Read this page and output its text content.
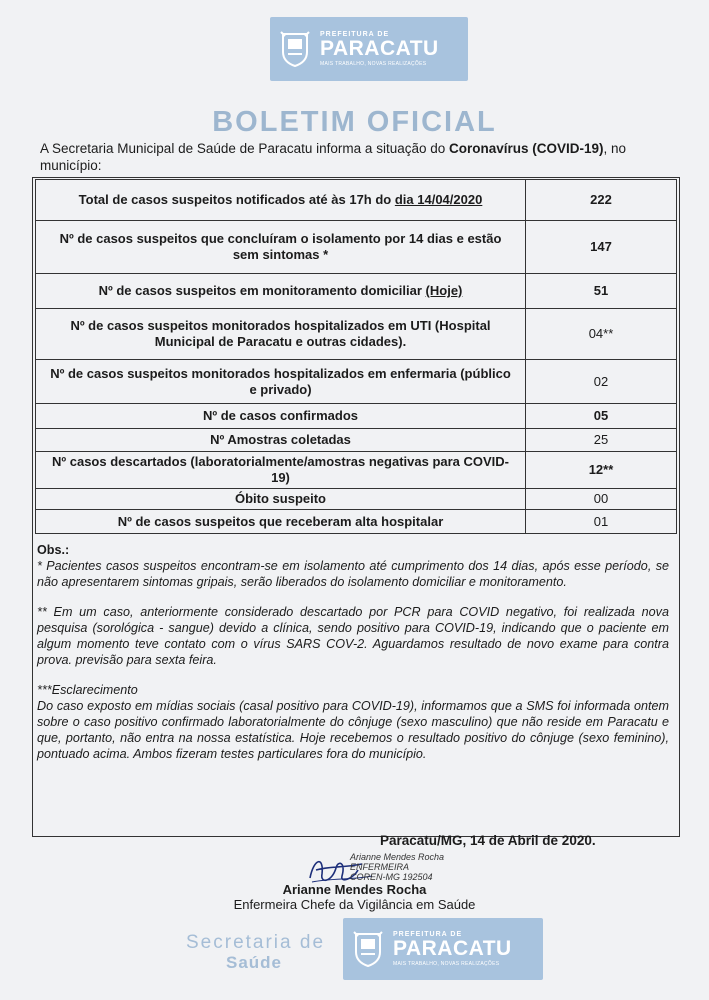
PREFEITURA DE
PARACATU
MAIS TRABALHO, NOVAS REALIZAÇÕES
BOLETIM OFICIAL
A Secretaria Municipal de Saúde de Paracatu informa a situação do Coronavírus (COVID-19), no município:
Total de casos suspeitos notificados até às 17h do dia 14/04/2020	222
Nº de casos suspeitos que concluíram o isolamento por 14 dias e estão sem sintomas *	147
Nº de casos suspeitos em monitoramento domiciliar (Hoje)	51
Nº de casos suspeitos monitorados hospitalizados em UTI (Hospital Municipal de Paracatu e outras cidades).	04**
Nº de casos suspeitos monitorados hospitalizados em enfermaria (público e privado)	02
Nº de casos confirmados	05
Nº Amostras coletadas	25
Nº casos descartados (laboratorialmente/amostras negativas para COVID-19)	12**
Óbito suspeito	00
Nº de casos suspeitos que receberam alta hospitalar	01
Obs.:

* Pacientes casos suspeitos encontram-se em isolamento até cumprimento dos 14 dias, após esse período, se não apresentarem sintomas gripais, serão liberados do isolamento domiciliar e monitoramento.

** Em um caso, anteriormente considerado descartado por PCR para COVID negativo, foi realizada nova pesquisa (sorológica - sangue) devido a clínica, sendo positivo para COVID-19, indicando que o paciente em algum momento teve contato com o vírus SARS COV-2. Aguardamos resultado de novo exame para contra prova. previsão para sexta feira.

***Esclarecimento

Do caso exposto em mídias sociais (casal positivo para COVID-19), informamos que a SMS foi informada ontem sobre o caso positivo confirmado laboratorialmente do cônjuge (sexo masculino) que não reside em Paracatu e que, portanto, não entra na nossa estatística. Hoje recebemos o resultado positivo do cônjuge (sexo feminino), pontuado acima. Ambos fizeram testes particulares fora do município.

Paracatu/MG, 14 de Abril de 2020.
Arianne Mendes Rocha
ENFERMEIRA
COREN-MG 192504
Arianne Mendes Rocha
Enfermeira Chefe da Vigilância em Saúde
Secretaria de
Saúde
PREFEITURA DE
PARACATU
MAIS TRABALHO, NOVAS REALIZAÇÕES
